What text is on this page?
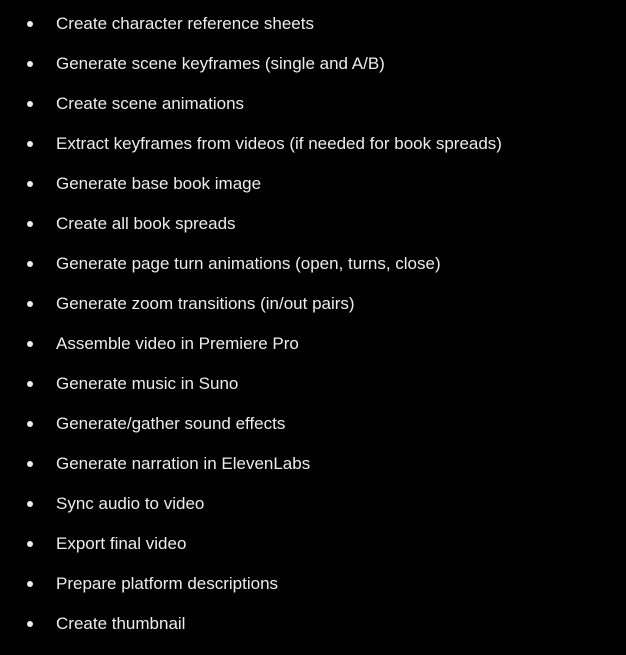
Create character reference sheets
Generate scene keyframes (single and A/B)
Create scene animations
Extract keyframes from videos (if needed for book spreads)
Generate base book image
Create all book spreads
Generate page turn animations (open, turns, close)
Generate zoom transitions (in/out pairs)
Assemble video in Premiere Pro
Generate music in Suno
Generate/gather sound effects
Generate narration in ElevenLabs
Sync audio to video
Export final video
Prepare platform descriptions
Create thumbnail
